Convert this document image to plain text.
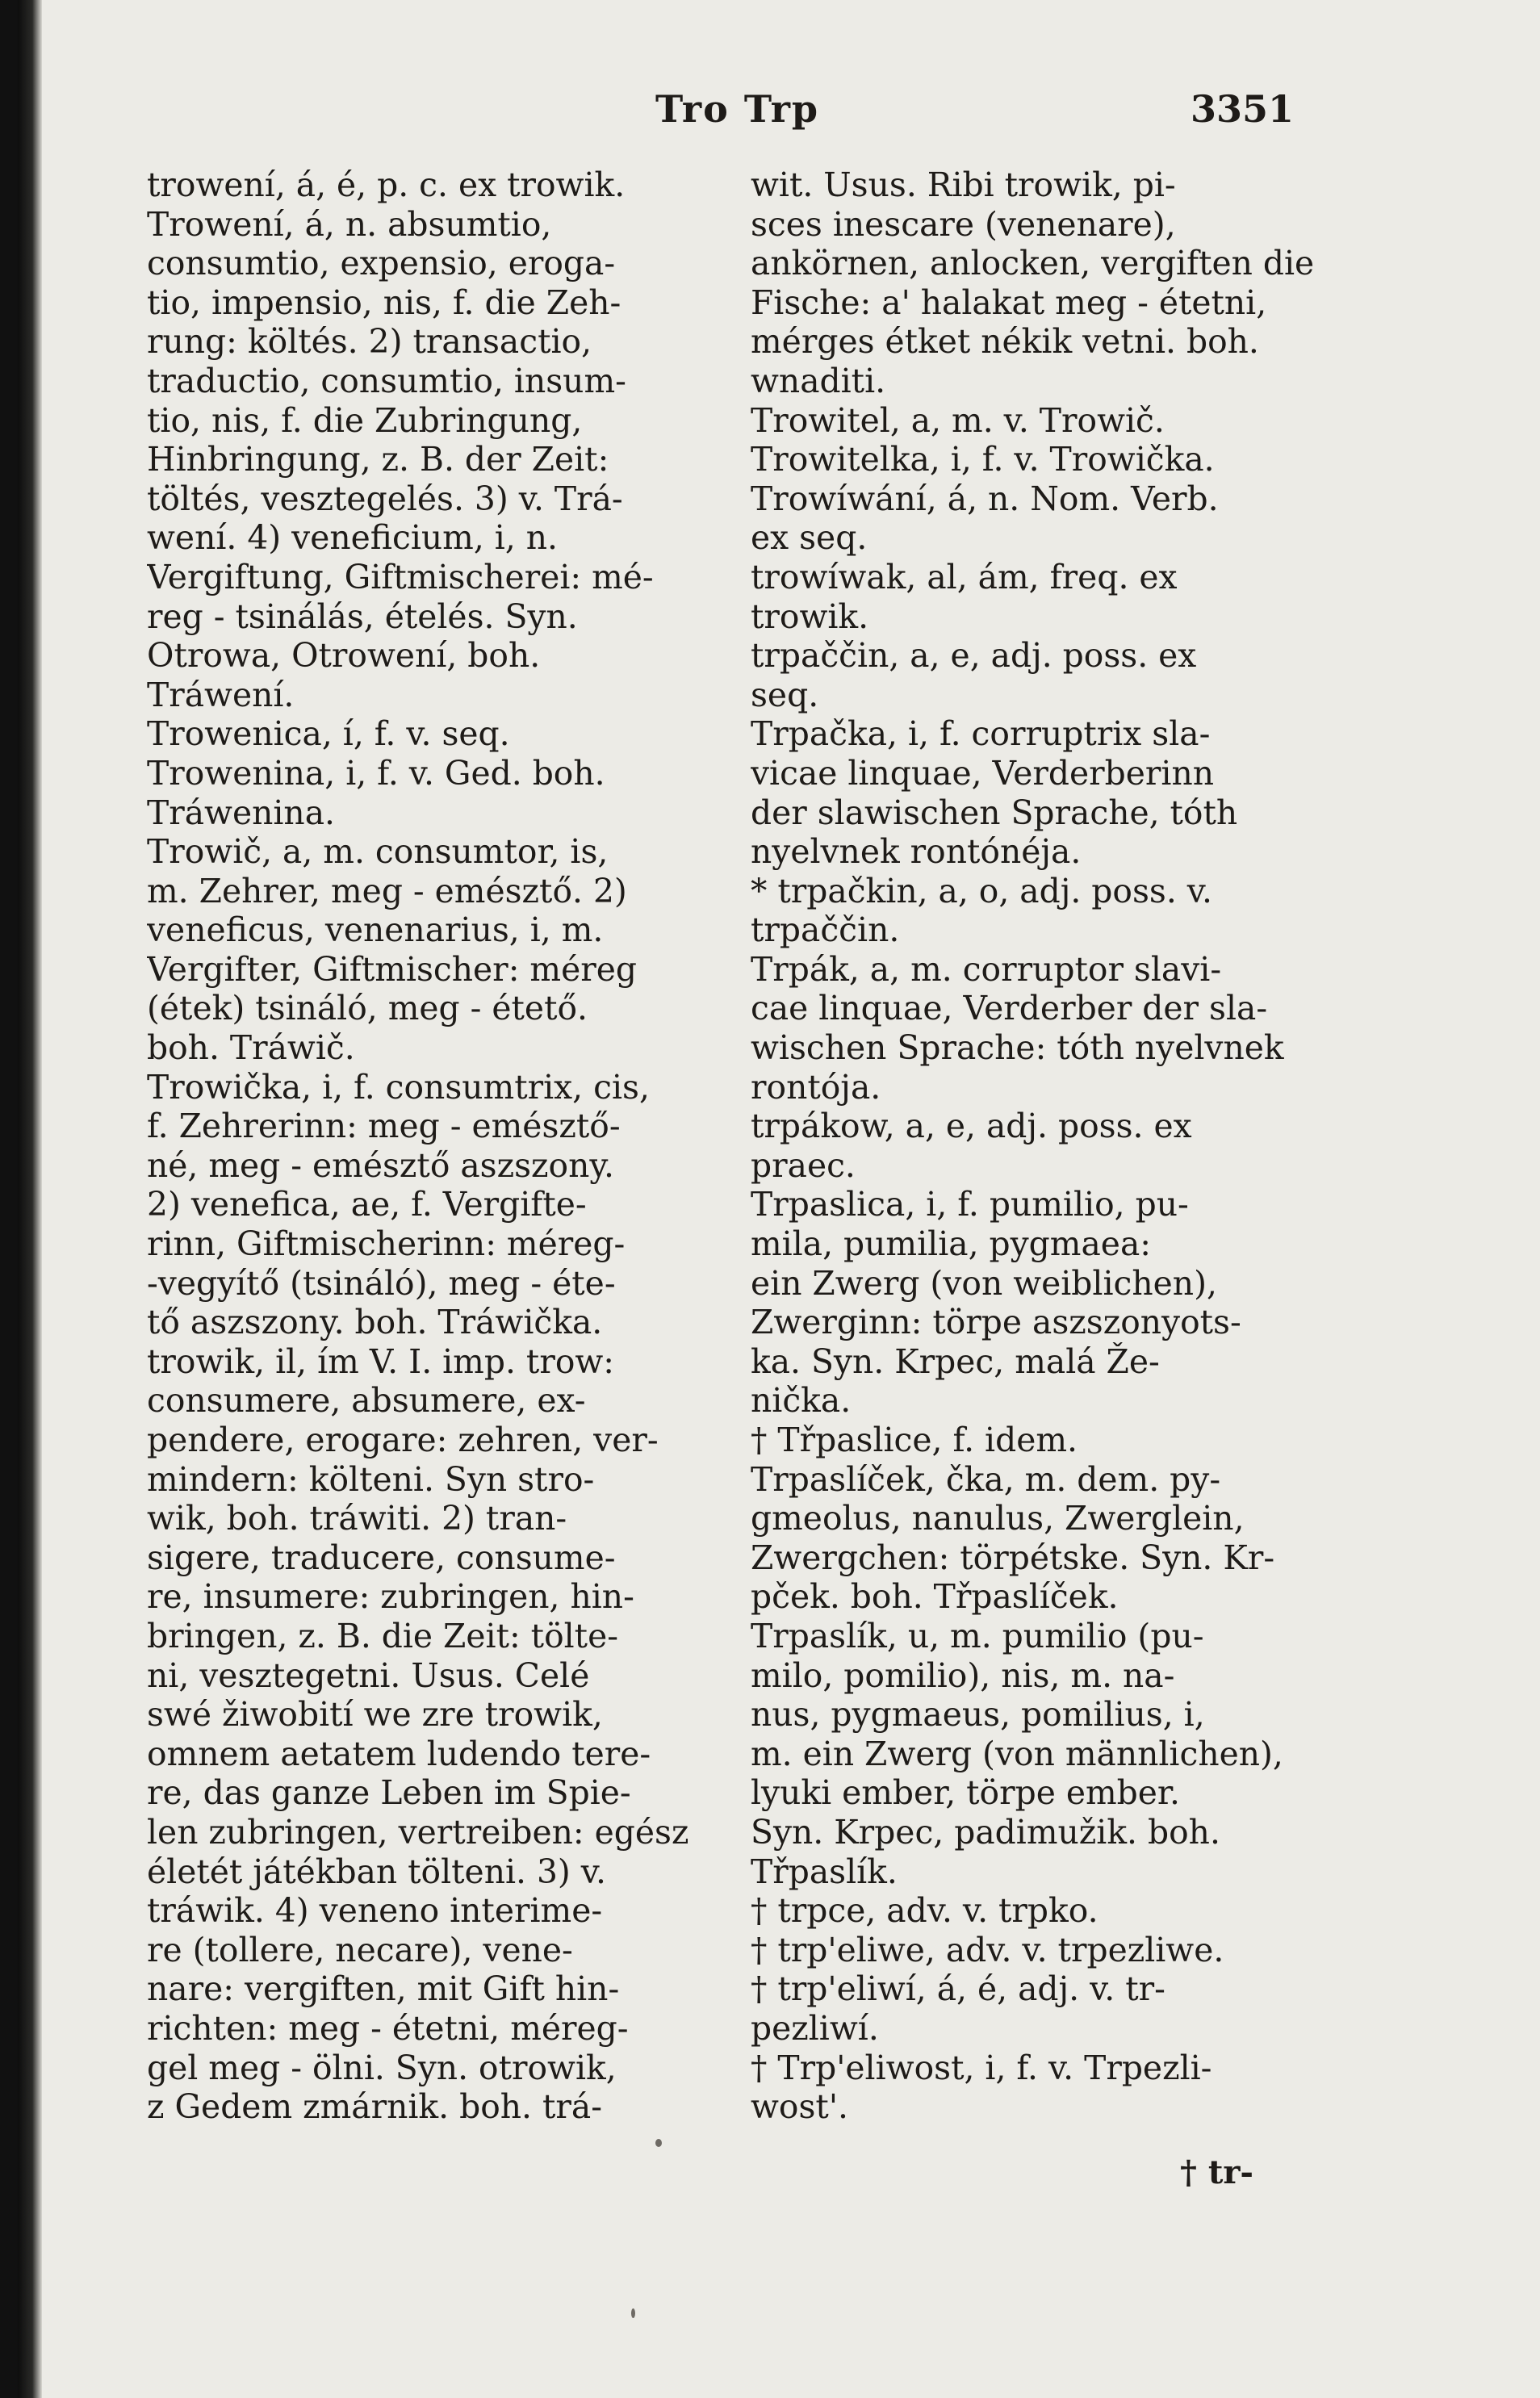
Tro Trp	3351
trowení, á, é, p. c. ex trowik.
Trowení, á, n. absumtio,
consumtio, expensio, eroga-
tio, impensio, nis, f. die Zeh-
rung: költés. 2) transactio,
traductio, consumtio, insum-
tio, nis, f. die Zubringung,
Hinbringung, z. B. der Zeit:
töltés, vesztegelés. 3) v. Trá-
wení. 4) veneficium, i, n.
Vergiftung, Giftmischerei: mé-
reg - tsinálás, ételés. Syn.
Otrowa, Otrowení, boh.
Tráwení.
Trowenica, í, f. v. seq.
Trowenina, i, f. v. Ged. boh.
Tráwenina.
Trowič, a, m. consumtor, is,
m. Zehrer, meg - emésztő. 2)
veneficus, venenarius, i, m.
Vergifter, Giftmischer: méreg
(étek) tsináló, meg - étető.
boh. Tráwič.
Trowička, i, f. consumtrix, cis,
f. Zehrerinn: meg - emésztő-
né, meg - emésztő aszszony.
2) venefica, ae, f. Vergifte-
rinn, Giftmischerinn: méreg-
-vegyítő (tsináló), meg - éte-
tő aszszony. boh. Tráwička.
trowik, il, ím V. I. imp. trow:
consumere, absumere, ex-
pendere, erogare: zehren, ver-
mindern: költeni. Syn stro-
wik, boh. tráwiti. 2) tran-
sigere, traducere, consume-
re, insumere: zubringen, hin-
bringen, z. B. die Zeit: tölte-
ni, vesztegetni. Usus. Celé
swé žiwobití we zre trowik,
omnem aetatem ludendo tere-
re, das ganze Leben im Spie-
len zubringen, vertreiben: egész
életét játékban tölteni. 3) v.
tráwik. 4) veneno interime-
re (tollere, necare), vene-
nare: vergiften, mit Gift hin-
richten: meg - étetni, méreg-
gel meg - ölni. Syn. otrowik,
z Gedem zmárnik. boh. trá-
wit. Usus. Ribi trowik, pi-
sces inescare (venenare),
ankörnen, anlocken, vergiften die
Fische: a' halakat meg - étetni,
mérges étket nékik vetni. boh.
wnaditi.
Trowitel, a, m. v. Trowič.
Trowitelka, i, f. v. Trowička.
Trowíwání, á, n. Nom. Verb.
ex seq.
trowíwak, al, ám, freq. ex
trowik.
trpaččin, a, e, adj. poss. ex
seq.
Trpačka, i, f. corruptrix sla-
vicae linquae, Verderberinn
der slawischen Sprache, tóth
nyelvnek rontónéja.
* trpačkin, a, o, adj. poss. v.
trpaččin.
Trpák, a, m. corruptor slavi-
cae linquae, Verderber der sla-
wischen Sprache: tóth nyelvnek
rontója.
trpákow, a, e, adj. poss. ex
praec.
Trpaslica, i, f. pumilio, pu-
mila, pumilia, pygmaea:
ein Zwerg (von weiblichen),
Zwerginn: törpe aszszonyots-
ka. Syn. Krpec, malá Že-
nička.
† Třpaslice, f. idem.
Trpaslíček, čka, m. dem. py-
gmeolus, nanulus, Zwerglein,
Zwergchen: törpétske. Syn. Kr-
pček. boh. Třpaslíček.
Trpaslík, u, m. pumilio (pu-
milo, pomilio), nis, m. na-
nus, pygmaeus, pomilius, i,
m. ein Zwerg (von männlichen),
lyuki ember, törpe ember.
Syn. Krpec, padimužik. boh.
Třpaslík.
† trpce, adv. v. trpko.
† trp'eliwe, adv. v. trpezliwe.
† trp'eliwí, á, é, adj. v. tr-
pezliwí.
† Trp'eliwost, i, f. v. Trpezli-
wost'.
† tr-
